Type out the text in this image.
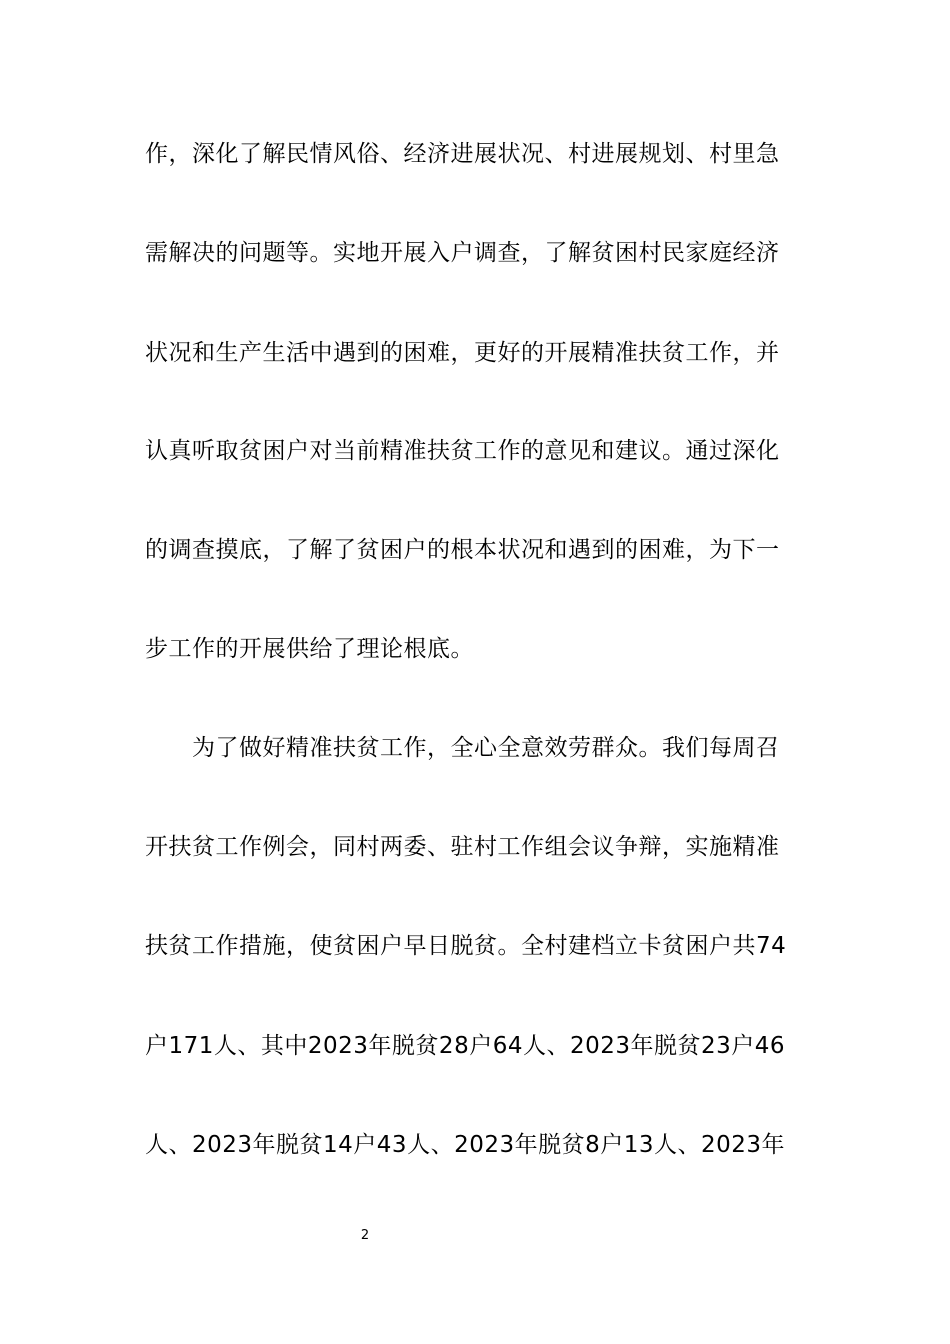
作，深化了解民情风俗、经济进展状况、村进展规划、村里急
需解决的问题等。实地开展入户调查，了解贫困村民家庭经济
状况和生产生活中遇到的困难，更好的开展精准扶贫工作，并
认真听取贫困户对当前精准扶贫工作的意见和建议。通过深化
的调查摸底，了解了贫困户的根本状况和遇到的困难，为下一
步工作的开展供给了理论根底。
为了做好精准扶贫工作，全心全意效劳群众。我们每周召
开扶贫工作例会，同村两委、驻村工作组会议争辩，实施精准
扶贫工作措施，使贫困户早日脱贫。全村建档立卡贫困户共74
户171人、其中2023年脱贫28户64人、2023年脱贫23户46
人、2023年脱贫14户43人、2023年脱贫8户13人、2023年
2
